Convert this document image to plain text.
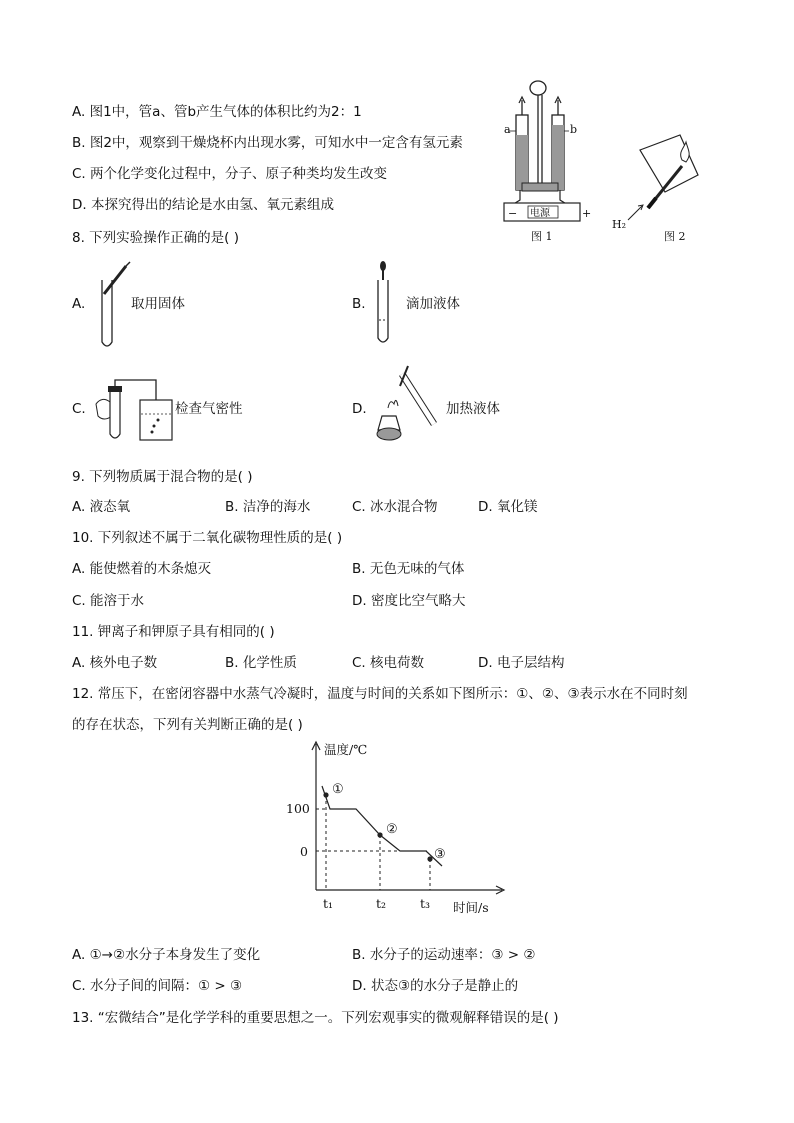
A. 图1中，管a、管b产生气体的体积比约为2：1
B. 图2中，观察到干燥烧杯内出现水雾，可知水中一定含有氢元素
C. 两个化学变化过程中，分子、原子种类均发生改变
D. 本探究得出的结论是水由氢、氧元素组成
a	b
电源
−	+
图 1
H₂
图 2
8. 下列实验操作正确的是( )
A.	取用固体	B.	滴加液体
C.	检查气密性	D.	加热液体
9. 下列物质属于混合物的是( )
A. 液态氧	B. 洁净的海水	C. 冰水混合物	D. 氧化镁
10. 下列叙述不属于二氧化碳物理性质的是( )
A. 能使燃着的木条熄灭	B. 无色无味的气体
C. 能溶于水	D. 密度比空气略大
11. 钾离子和钾原子具有相同的( )
A. 核外电子数	B. 化学性质	C. 核电荷数	D. 电子层结构
12. 常压下，在密闭容器中水蒸气冷凝时，温度与时间的关系如下图所示：①、②、③表示水在不同时刻
的存在状态，下列有关判断正确的是( )
温度/℃
时间/s
100
0
t₁	t₂	t₃
①
②
③
A. ①→②水分子本身发生了变化	B. 水分子的运动速率：③ > ②
C. 水分子间的间隔：① > ③	D. 状态③的水分子是静止的
13. “宏微结合”是化学学科的重要思想之一。下列宏观事实的微观解释错误的是( )
